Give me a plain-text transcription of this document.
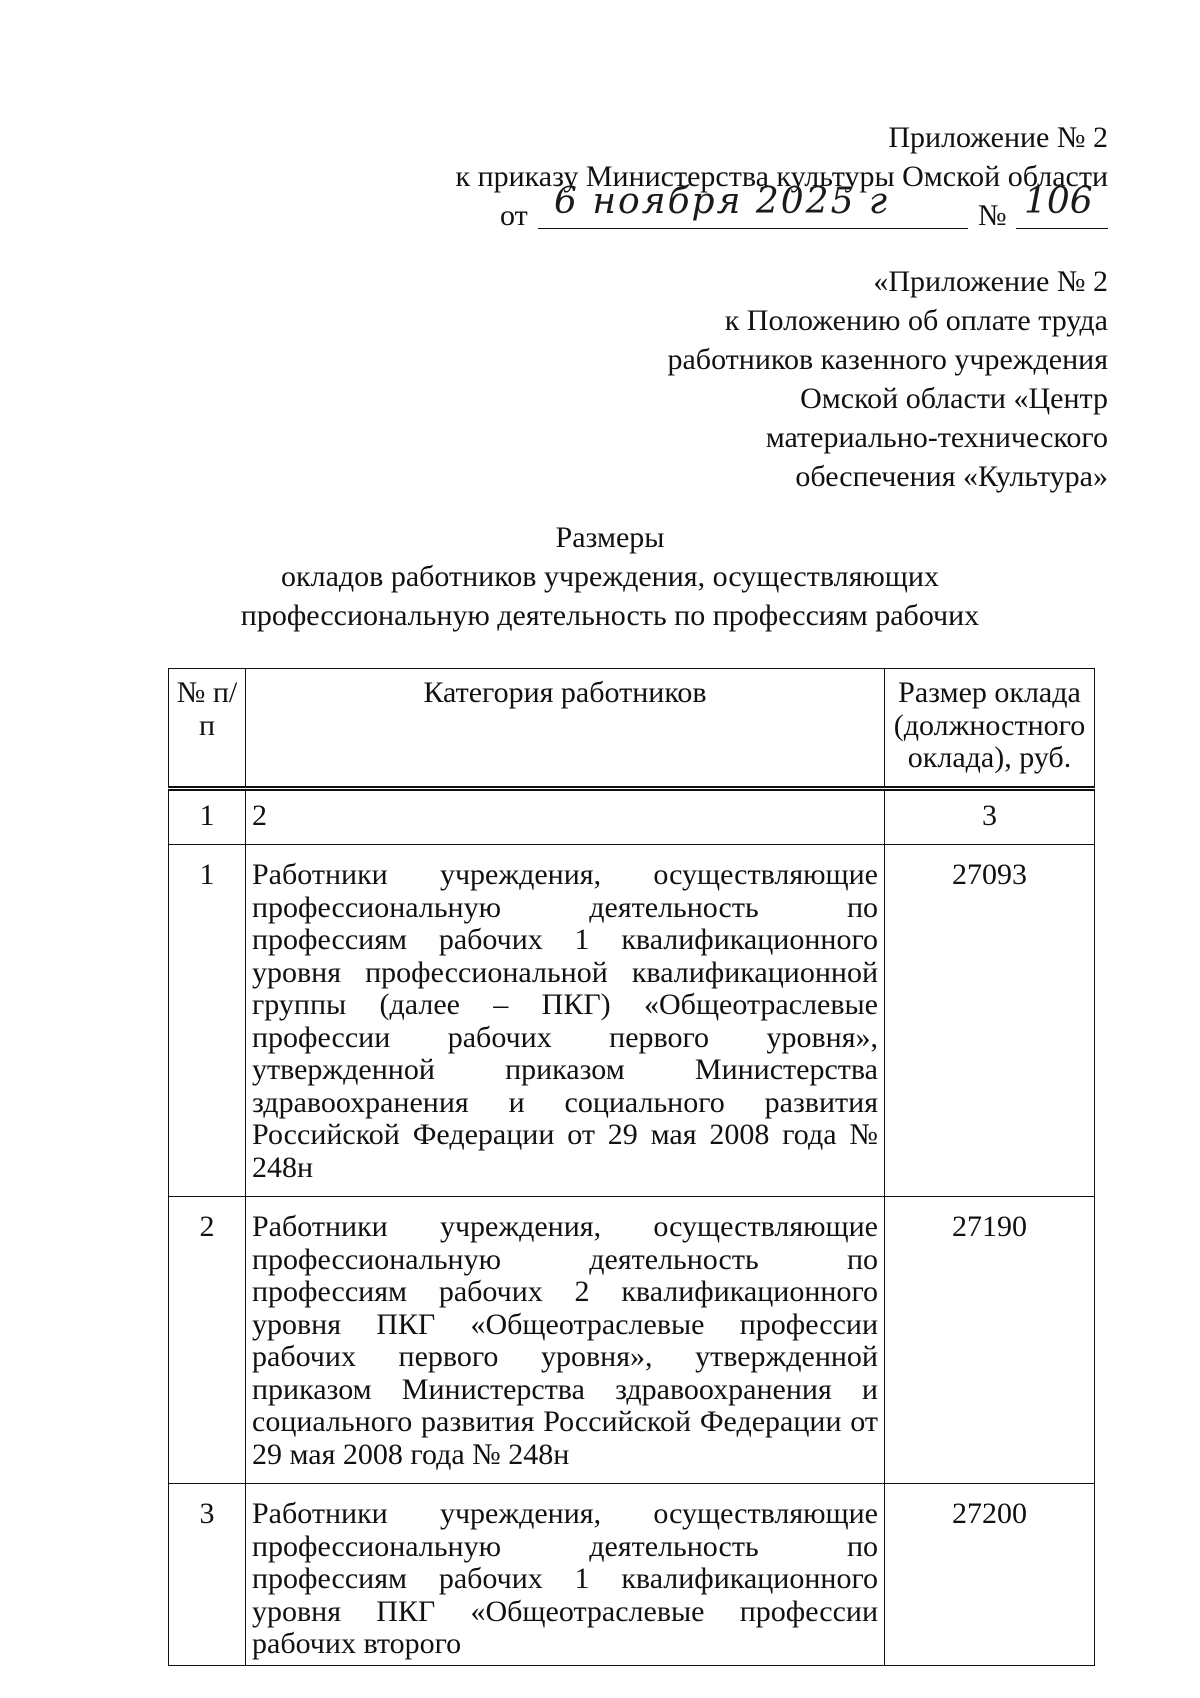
Приложение № 2
к приказу Министерства культуры Омской области
от 6 ноября 2025 г	№ 106
«Приложение № 2
к Положению об оплате труда
работников казенного учреждения
Омской области «Центр
материально-технического
обеспечения «Культура»
Размеры
окладов работников учреждения, осуществляющих
профессиональную деятельность по профессиям рабочих
№ п/п	Категория работников	Размер оклада (должностного оклада), руб.
1	2	3
1	Работники учреждения, осуществляющие профессиональную деятельность по профессиям рабочих 1 квалификационного уровня профессиональной квалификационной группы (далее – ПКГ) «Общеотраслевые профессии рабочих первого уровня», утвержденной приказом Министерства здравоохранения и социального развития Российской Федерации от 29 мая 2008 года № 248н	27093
2	Работники учреждения, осуществляющие профессиональную деятельность по профессиям рабочих 2 квалификационного уровня ПКГ «Общеотраслевые профессии рабочих первого уровня», утвержденной приказом Министерства здравоохранения и социального развития Российской Федерации от 29 мая 2008 года № 248н	27190
3	Работники учреждения, осуществляющие профессиональную деятельность по профессиям рабочих 1 квалификационного уровня ПКГ «Общеотраслевые профессии рабочих второго	27200
